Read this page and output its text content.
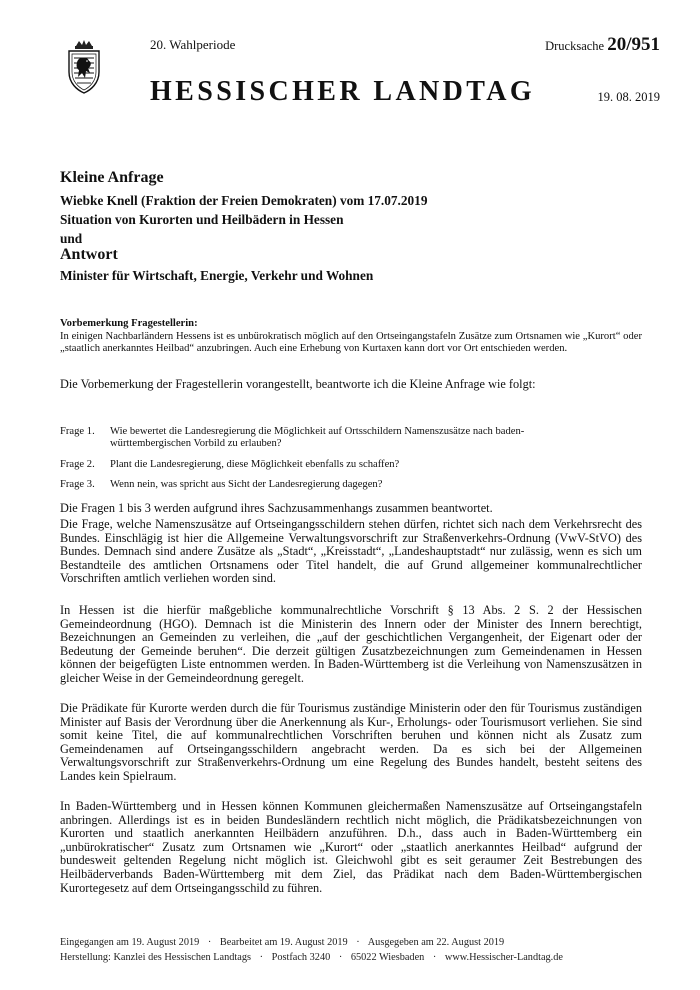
20. Wahlperiode
HESSISCHER LANDTAG
Drucksache 20/951
19. 08. 2019
Kleine Anfrage
Wiebke Knell (Fraktion der Freien Demokraten) vom 17.07.2019
Situation von Kurorten und Heilbädern in Hessen
und
Antwort
Minister für Wirtschaft, Energie, Verkehr und Wohnen
Vorbemerkung Fragestellerin:
In einigen Nachbarländern Hessens ist es unbürokratisch möglich auf den Ortseingangstafeln Zusätze zum Ortsnamen wie „Kurort“ oder „staatlich anerkanntes Heilbad“ anzubringen. Auch eine Erhebung von Kurtaxen kann dort vor Ort entschieden werden.
Die Vorbemerkung der Fragestellerin vorangestellt, beantworte ich die Kleine Anfrage wie folgt:
Frage 1.	Wie bewertet die Landesregierung die Möglichkeit auf Ortsschildern Namenszusätze nach baden-württembergischen Vorbild zu erlauben?
Frage 2.	Plant die Landesregierung, diese Möglichkeit ebenfalls zu schaffen?
Frage 3.	Wenn nein, was spricht aus Sicht der Landesregierung dagegen?
Die Fragen 1 bis 3 werden aufgrund ihres Sachzusammenhangs zusammen beantwortet.
Die Frage, welche Namenszusätze auf Ortseingangsschildern stehen dürfen, richtet sich nach dem Verkehrsrecht des Bundes. Einschlägig ist hier die Allgemeine Verwaltungsvorschrift zur Straßenverkehrs-Ordnung (VwV-StVO) des Bundes. Demnach sind andere Zusätze als „Stadt“, „Kreisstadt“, „Landeshauptstadt“ nur zulässig, wenn es sich um Bestandteile des amtlichen Ortsnamens oder Titel handelt, die auf Grund allgemeiner kommunalrechtlicher Vorschriften amtlich verliehen worden sind.
In Hessen ist die hierfür maßgebliche kommunalrechtliche Vorschrift § 13 Abs. 2 S. 2 der Hessischen Gemeindeordnung (HGO). Demnach ist die Ministerin des Innern oder der Minister des Innern berechtigt, Bezeichnungen an Gemeinden zu verleihen, die „auf der geschichtlichen Vergangenheit, der Eigenart oder der Bedeutung der Gemeinde beruhen“. Die derzeit gültigen Zusatzbezeichnungen zum Gemeindenamen in Hessen können der beigefügten Liste entnommen werden. In Baden-Württemberg ist die Verleihung von Namenszusätzen in gleicher Weise in der Gemeindeordnung geregelt.
Die Prädikate für Kurorte werden durch die für Tourismus zuständige Ministerin oder den für Tourismus zuständigen Minister auf Basis der Verordnung über die Anerkennung als Kur-, Erholungs- oder Tourismusort verliehen. Sie sind somit keine Titel, die auf kommunalrechtlichen Vorschriften beruhen und können nicht als Zusatz zum Gemeindenamen auf Ortseingangsschildern angebracht werden. Da es sich bei der Allgemeinen Verwaltungsvorschrift zur Straßenverkehrs-Ordnung um eine Regelung des Bundes handelt, besteht seitens des Landes kein Spielraum.
In Baden-Württemberg und in Hessen können Kommunen gleichermaßen Namenszusätze auf Ortseingangstafeln anbringen. Allerdings ist es in beiden Bundesländern rechtlich nicht möglich, die Prädikatsbezeichnungen von Kurorten und staatlich anerkannten Heilbädern anzuführen. D.h., dass auch in Baden-Württemberg ein „unbürokratischer“ Zusatz zum Ortsnamen wie „Kurort“ oder „staatlich anerkanntes Heilbad“ aufgrund der bundesweit geltenden Regelung nicht möglich ist. Gleichwohl gibt es seit geraumer Zeit Bestrebungen des Heilbäderverbands Baden-Württemberg mit dem Ziel, das Prädikat nach dem Baden-Württembergischen Kurortegesetz auf dem Ortseingangsschild zu führen.
Eingegangen am 19. August 2019 · Bearbeitet am 19. August 2019 · Ausgegeben am 22. August 2019
Herstellung: Kanzlei des Hessischen Landtags · Postfach 3240 · 65022 Wiesbaden · www.Hessischer-Landtag.de
